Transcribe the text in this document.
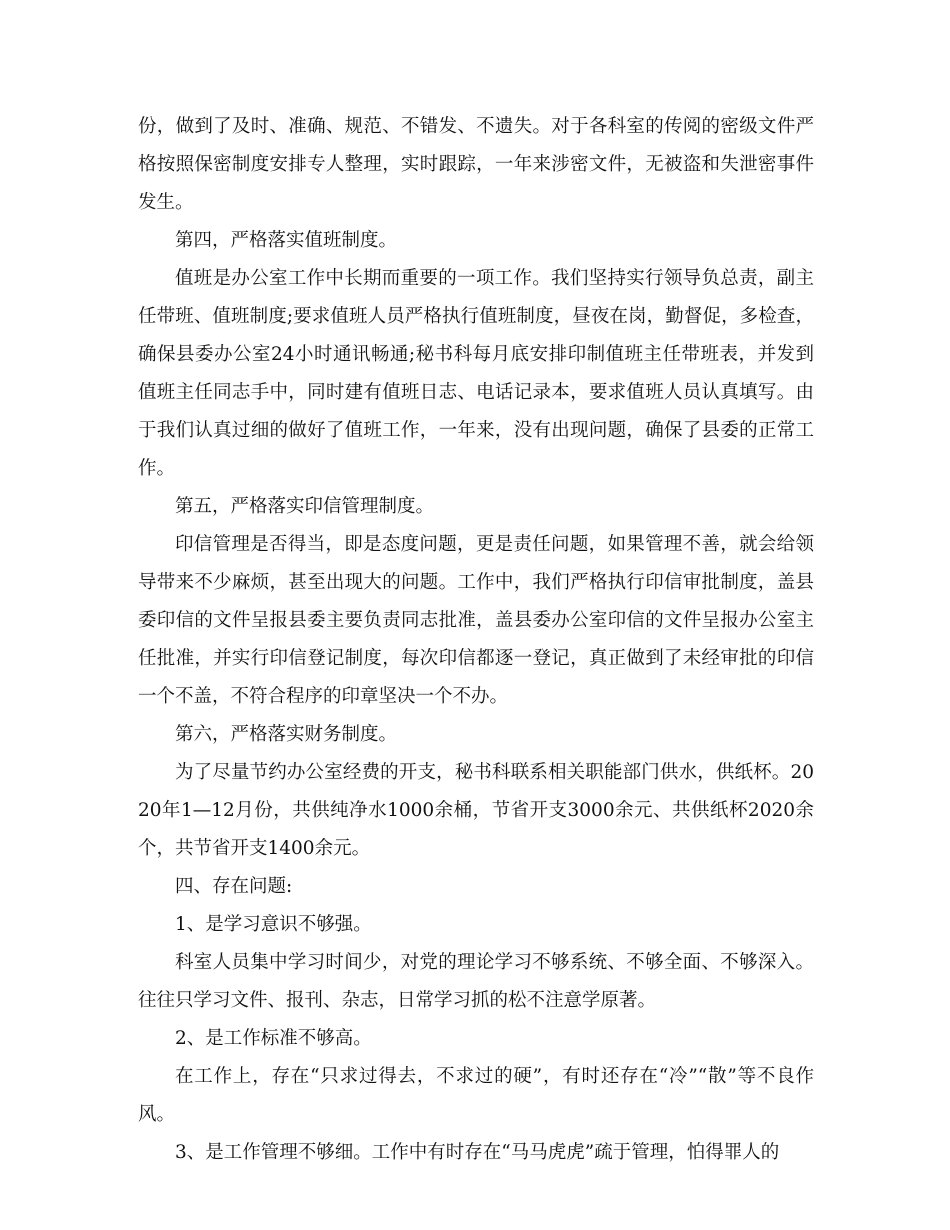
份，做到了及时、准确、规范、不错发、不遗失。对于各科室的传阅的密级文件严格按照保密制度安排专人整理，实时跟踪，一年来涉密文件，无被盗和失泄密事件发生。

第四，严格落实值班制度。

值班是办公室工作中长期而重要的一项工作。我们坚持实行领导负总责，副主任带班、值班制度;要求值班人员严格执行值班制度，昼夜在岗，勤督促，多检查，确保县委办公室24小时通讯畅通;秘书科每月底安排印制值班主任带班表，并发到值班主任同志手中，同时建有值班日志、电话记录本，要求值班人员认真填写。由于我们认真过细的做好了值班工作，一年来，没有出现问题，确保了县委的正常工作。

第五，严格落实印信管理制度。

印信管理是否得当，即是态度问题，更是责任问题，如果管理不善，就会给领导带来不少麻烦，甚至出现大的问题。工作中，我们严格执行印信审批制度，盖县委印信的文件呈报县委主要负责同志批准，盖县委办公室印信的文件呈报办公室主任批准，并实行印信登记制度，每次印信都逐一登记，真正做到了未经审批的印信一个不盖，不符合程序的印章坚决一个不办。

第六，严格落实财务制度。

为了尽量节约办公室经费的开支，秘书科联系相关职能部门供水，供纸杯。2020年1—12月份，共供纯净水1000余桶，节省开支3000余元、共供纸杯2020余个，共节省开支1400余元。

四、存在问题:

1、是学习意识不够强。

科室人员集中学习时间少，对党的理论学习不够系统、不够全面、不够深入。往往只学习文件、报刊、杂志，日常学习抓的松不注意学原著。

2、是工作标准不够高。

在工作上，存在“只求过得去，不求过的硬”，有时还存在“冷”“散”等不良作风。

3、是工作管理不够细。工作中有时存在“马马虎虎”疏于管理，怕得罪人的
